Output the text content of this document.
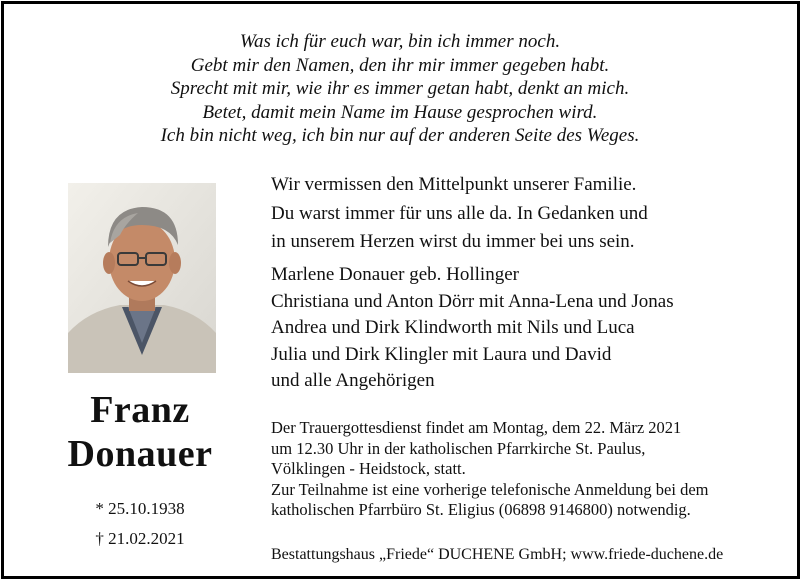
Was ich für euch war, bin ich immer noch.
Gebt mir den Namen, den ihr mir immer gegeben habt.
Sprecht mit mir, wie ihr es immer getan habt, denkt an mich.
Betet, damit mein Name im Hause gesprochen wird.
Ich bin nicht weg, ich bin nur auf der anderen Seite des Weges.
Franz
Donauer
* 25.10.1938
† 21.02.2021
Wir vermissen den Mittelpunkt unserer Familie.
Du warst immer für uns alle da. In Gedanken und
in unserem Herzen wirst du immer bei uns sein.
Marlene Donauer geb. Hollinger
Christiana und Anton Dörr mit Anna-Lena und Jonas
Andrea und Dirk Klindworth mit Nils und Luca
Julia und Dirk Klingler mit Laura und David
und alle Angehörigen
Der Trauergottesdienst findet am Montag, dem 22. März 2021
um 12.30 Uhr in der katholischen Pfarrkirche St. Paulus,
Völklingen - Heidstock, statt.
Zur Teilnahme ist eine vorherige telefonische Anmeldung bei dem
katholischen Pfarrbüro St. Eligius (06898 9146800) notwendig.
Bestattungshaus „Friede“ DUCHENE GmbH; www.friede-duchene.de
